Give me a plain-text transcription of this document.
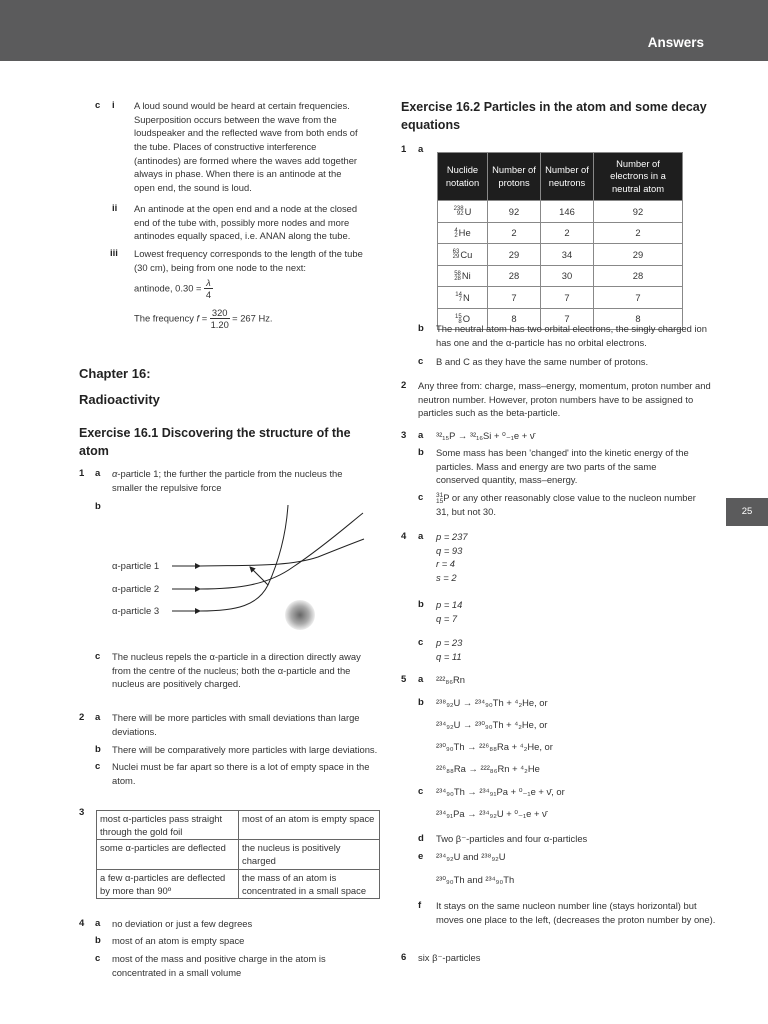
Answers
25
c i A loud sound would be heard at certain frequencies. Superposition occurs between the wave from the loudspeaker and the reflected wave from both ends of the tube. Places of constructive interference (antinodes) are formed where the waves add together always in phase. When there is an antinode at the open end, the sound is loud.
ii An antinode at the open end and a node at the closed end of the tube with, possibly more nodes and more antinodes equally spaced, i.e. ANAN along the tube.
iii Lowest frequency corresponds to the length of the tube (30 cm), being from one node to the next:
antinode, $0.30 = \frac{\lambda}{4}$
The frequency $f = \frac{320}{1.20} = 267$ Hz.
Chapter 16:
Radioactivity
Exercise 16.1 Discovering the structure of the atom
1 a α-particle 1; the further the particle from the nucleus the smaller the repulsive force
b
α-particle 1
α-particle 2
α-particle 3
c The nucleus repels the α-particle in a direction directly away from the centre of the nucleus; both the α-particle and the nucleus are positively charged.
2 a There will be more particles with small deviations than large deviations.
b There will be comparatively more particles with large deviations.
c Nuclei must be far apart so there is a lot of empty space in the atom.
3
most α-particles pass straight through the gold foil	most of an atom is empty space
some α-particles are deflected	the nucleus is positively charged
a few α-particles are deflected by more than 90º	the mass of an atom is concentrated in a small space
4 a no deviation or just a few degrees
b most of an atom is empty space
c most of the mass and positive charge in the atom is concentrated in a small volume
Exercise 16.2 Particles in the atom and some decay equations
1 a
Nuclide notation	Number of protons	Number of neutrons	Number of electrons in a neutral atom

238
92 U	92	146	92

4
2 He	2	2	2

63
29 Cu	29	34	29

58
28 Ni	28	30	28

14
7 N	7	7	7

15
8 O	8	7	8
b The neutral atom has two orbital electrons, the singly charged ion has one and the α-particle has no orbital electrons.
c B and C as they have the same number of protons.
2 Any three from: charge, mass–energy, momentum, proton number and neutron number. However, proton numbers have to be assigned to particles such as the beta-particle.
3 a ³²₁₅P → ³²₁₆Si + ⁰₋₁e + ν̄
b Some mass has been 'changed' into the kinetic energy of the particles. Mass and energy are two parts of the same conserved quantity, mass–energy.
c 31
15 P or any other reasonably close value to the nucleon number 31, but not 30.
4 a p = 237
q = 93
r = 4
s = 2
b p = 14
q = 7
c p = 23
q = 11
5 a ²²²₈₆Rn
b ²³⁸₉₂U → ²³⁴₉₀Th + ⁴₂He, or
²³⁴₉₂U → ²³⁰₉₀Th + ⁴₂He, or
²³⁰₉₀Th → ²²⁶₈₈Ra + ⁴₂He, or
²²⁶₈₈Ra → ²²²₈₆Rn + ⁴₂He
c ²³⁴₉₀Th → ²³⁴₉₁Pa + ⁰₋₁e + ν̄, or
²³⁴₉₁Pa → ²³⁴₉₂U + ⁰₋₁e + ν̄
d Two β⁻-particles and four α-particles
e ²³⁴₉₂U and ²³⁸₉₂U
²³⁰₉₀Th and ²³⁴₉₀Th
f It stays on the same nucleon number line (stays horizontal) but moves one place to the left, (decreases the proton number by one).
6 six β⁻-particles
